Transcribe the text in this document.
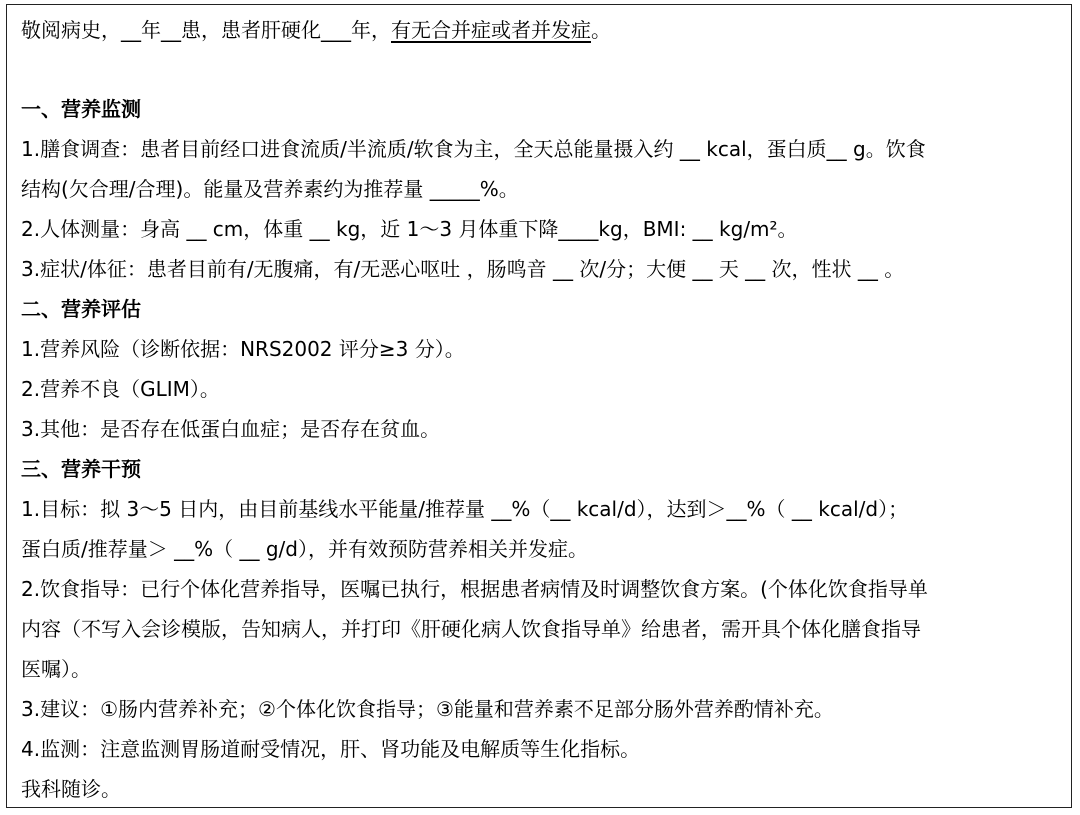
敬阅病史，__年__患，患者肝硬化___年，有无合并症或者并发症。
一、营养监测
1.膳食调查：患者目前经口进食流质/半流质/软食为主，全天总能量摄入约 __ kcal，蛋白质__ g。饮食
结构(欠合理/合理)。能量及营养素约为推荐量 _____%。
2.人体测量：身高 __ cm，体重 __ kg，近 1～3 月体重下降____kg，BMI: __ kg/m²。
3.症状/体征：患者目前有/无腹痛，有/无恶心呕吐 ，肠鸣音 __ 次/分；大便 __ 天 __ 次，性状 __ 。
二、营养评估
1.营养风险（诊断依据：NRS2002 评分≥3 分）。
2.营养不良（GLIM）。
3.其他：是否存在低蛋白血症；是否存在贫血。
三、营养干预
1.目标：拟 3～5 日内，由目前基线水平能量/推荐量 __%（__ kcal/d），达到＞__%（ __ kcal/d）；
蛋白质/推荐量＞ __%（ __ g/d），并有效预防营养相关并发症。
2.饮食指导：已行个体化营养指导，医嘱已执行，根据患者病情及时调整饮食方案。(个体化饮食指导单
内容（不写入会诊模版，告知病人，并打印《肝硬化病人饮食指导单》给患者，需开具个体化膳食指导
医嘱）。
3.建议：①肠内营养补充；②个体化饮食指导；③能量和营养素不足部分肠外营养酌情补充。
4.监测：注意监测胃肠道耐受情况，肝、肾功能及电解质等生化指标。
我科随诊。
